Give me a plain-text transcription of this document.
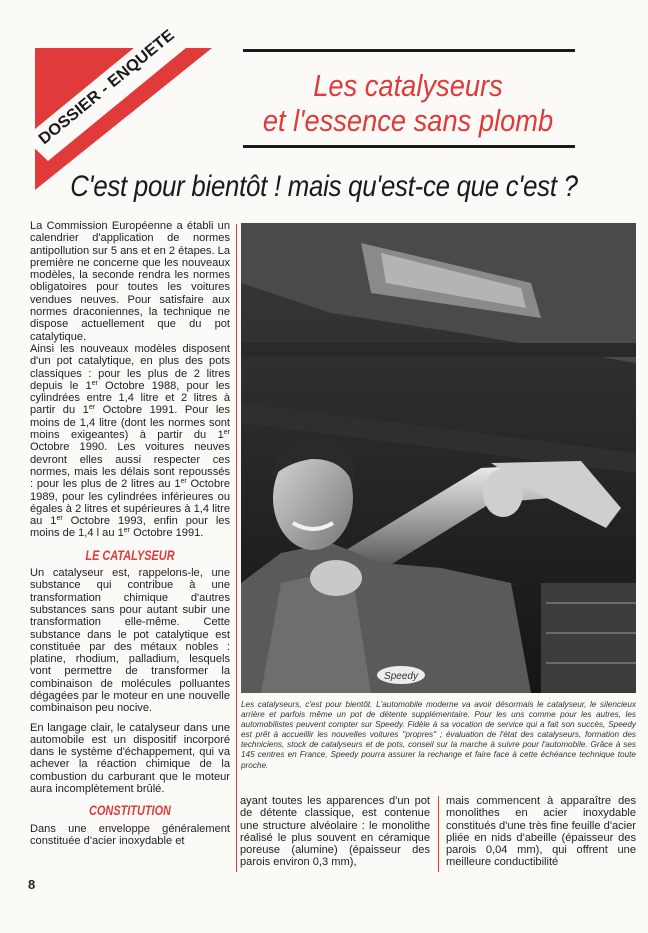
DOSSIER - ENQUETE	Les catalyseurs
et l'essence sans plomb
C'est pour bientôt ! mais qu'est-ce que c'est ?

La Commission Européenne a établi un calendrier d'application de normes antipollution sur 5 ans et en 2 étapes. La première ne concerne que les nouveaux modèles, la seconde rendra les normes obligatoires pour toutes les voitures vendues neuves. Pour satisfaire aux normes draconiennes, la technique ne dispose actuellement que du pot catalytique.

Ainsi les nouveaux modèles disposent d'un pot catalytique, en plus des pots classiques : pour les plus de 2 litres depuis le 1er Octobre 1988, pour les cylindrées entre 1,4 litre et 2 litres à partir du 1er Octobre 1991. Pour les moins de 1,4 litre (dont les normes sont moins exigeantes) à partir du 1er Octobre 1990. Les voitures neuves devront elles aussi respecter ces normes, mais les délais sont repoussés : pour les plus de 2 litres au 1er Octobre 1989, pour les cylindrées inférieures ou égales à 2 litres et supérieures à 1,4 litre au 1er Octobre 1993, enfin pour les moins de 1,4 l au 1er Octobre 1991.

LE CATALYSEUR

Un catalyseur est, rappelons-le, une substance qui contribue à une transformation chimique d'autres substances sans pour autant subir une transformation elle-même. Cette substance dans le pot catalytique est constituée par des métaux nobles : platine, rhodium, palladium, lesquels vont permettre de transformer la combinaison de molécules polluantes dégagées par le moteur en une nouvelle combinaison peu nocive.

En langage clair, le catalyseur dans une automobile est un dispositif incorporé dans le système d'échappement, qui va achever la réaction chimique de la combustion du carburant que le moteur aura incomplètement brûlé.

CONSTITUTION

Dans une enveloppe généralement constituée d'acier inoxydable et

Speedy
Les catalyseurs, c'est pour bientôt. L'automobile moderne va avoir désormais le catalyseur, le silencieux arrière et parfois même un pot de détente supplémentaire. Pour les uns comme pour les autres, les automobilistes peuvent compter sur Speedy. Fidèle à sa vocation de service qui a fait son succès, Speedy est prêt à accueillir les nouvelles voitures ''propres'' ; évaluation de l'état des catalyseurs, formation des techniciens, stock de catalyseurs et de pots, conseil sur la marche à suivre pour l'automobile. Grâce à ses 145 centres en France, Speedy pourra assurer la rechange et faire face à cette échéance technique toute proche.

ayant toutes les apparences d'un pot de détente classique, est contenue une structure alvéolaire : le monolithe réalisé le plus souvent en céramique poreuse (alumine) (épaisseur des parois environ 0,3 mm),

mais commencent à apparaître des monolithes en acier inoxydable constitués d'une très fine feuille d'acier pliée en nids d'abeille (épaisseur des parois 0,04 mm), qui offrent une meilleure conductibilité

8
